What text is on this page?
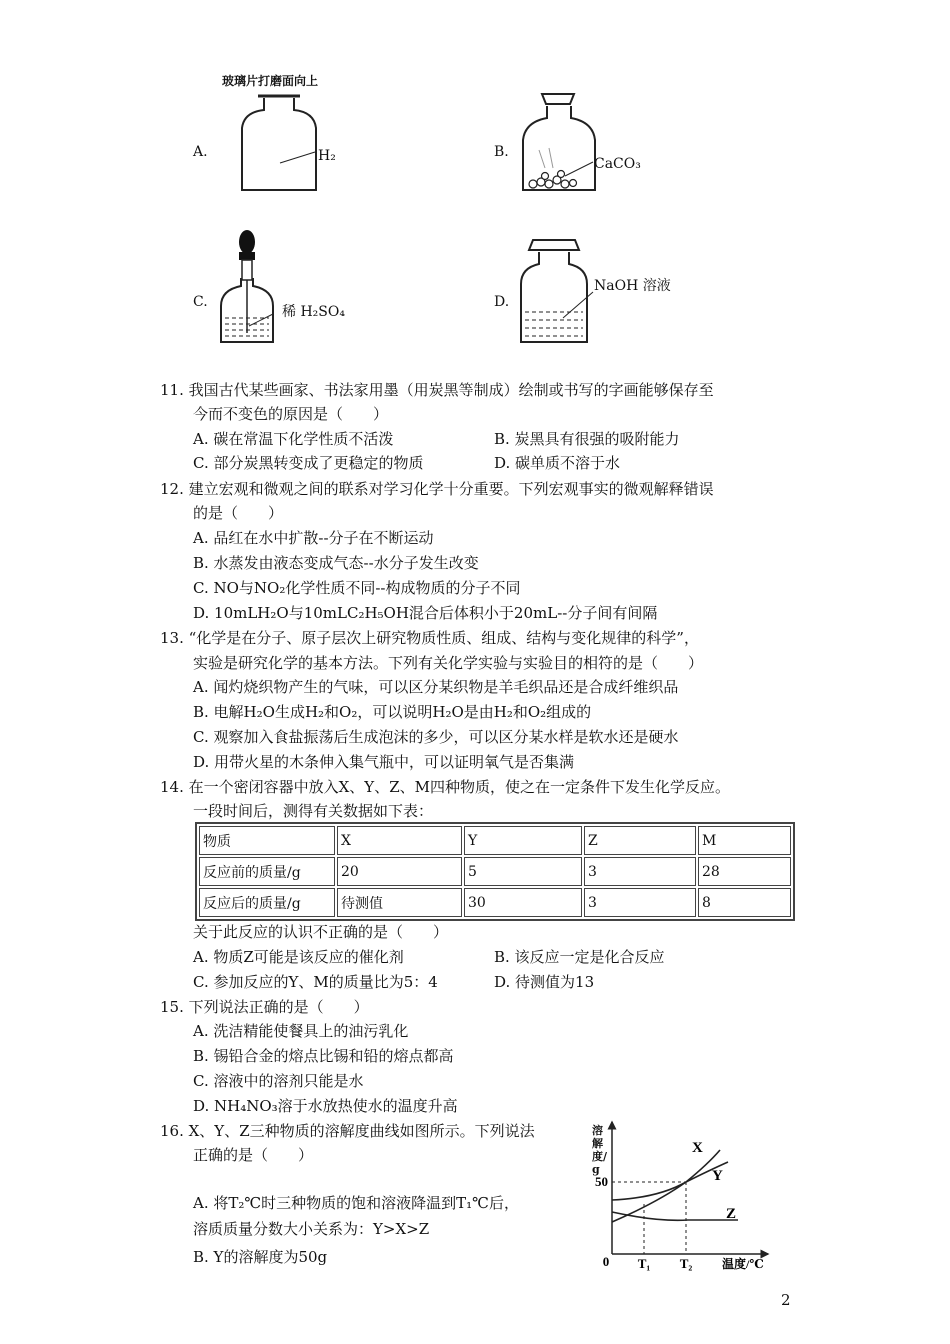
A.	B.
C.	D.
玻璃片打磨面向上
H₂	CaCO₃
稀 H₂SO₄
NaOH 溶液
11. 我国古代某些画家、书法家用墨（用炭黑等制成）绘制或书写的字画能够保存至
今而不变色的原因是（　　）
A. 碳在常温下化学性质不活泼	B. 炭黑具有很强的吸附能力
C. 部分炭黑转变成了更稳定的物质	D. 碳单质不溶于水
12. 建立宏观和微观之间的联系对学习化学十分重要。下列宏观事实的微观解释错误
的是（　　）
A. 品红在水中扩散--分子在不断运动
B. 水蒸发由液态变成气态--水分子发生改变
C. NO与NO₂化学性质不同--构成物质的分子不同
D. 10mLH₂O与10mLC₂H₅OH混合后体积小于20mL--分子间有间隔
13. “化学是在分子、原子层次上研究物质性质、组成、结构与变化规律的科学”，
实验是研究化学的基本方法。下列有关化学实验与实验目的相符的是（　　）
A. 闻灼烧织物产生的气味，可以区分某织物是羊毛织品还是合成纤维织品
B. 电解H₂O生成H₂和O₂，可以说明H₂O是由H₂和O₂组成的
C. 观察加入食盐振荡后生成泡沫的多少，可以区分某水样是软水还是硬水
D. 用带火星的木条伸入集气瓶中，可以证明氧气是否集满
14. 在一个密闭容器中放入X、Y、Z、M四种物质，使之在一定条件下发生化学反应。
一段时间后，测得有关数据如下表：
物质	X	Y	Z	M
反应前的质量/g	20	5	3	28
反应后的质量/g	待测值	30	3	8
关于此反应的认识不正确的是（　　）
A. 物质Z可能是该反应的催化剂	B. 该反应一定是化合反应
C. 参加反应的Y、M的质量比为5：4	D. 待测值为13
15. 下列说法正确的是（　　）
A. 洗洁精能使餐具上的油污乳化
B. 锡铅合金的熔点比锡和铅的熔点都高
C. 溶液中的溶剂只能是水
D. NH₄NO₃溶于水放热使水的温度升高
16. X、Y、Z三种物质的溶解度曲线如图所示。下列说法
正确的是（　　）
A. 将T₂℃时三种物质的饱和溶液降温到T₁℃后，
溶质质量分数大小关系为：Y>X>Z
B. Y的溶解度为50g
50
0 T₁ T₂ 温度/℃
X
Y
Z
溶解度/g
2
